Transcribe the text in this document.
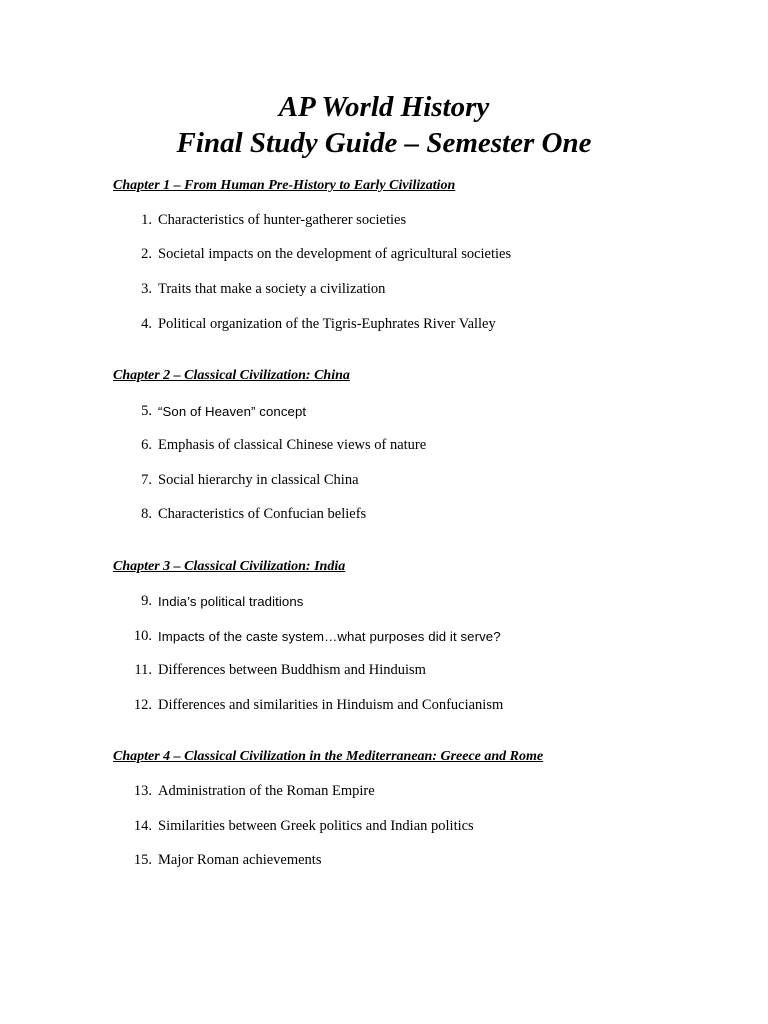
AP World History
Final Study Guide – Semester One
Chapter 1 – From Human Pre-History to Early Civilization
1. Characteristics of hunter-gatherer societies
2. Societal impacts on the development of agricultural societies
3. Traits that make a society a civilization
4. Political organization of the Tigris-Euphrates River Valley
Chapter 2 – Classical Civilization: China
5. “Son of Heaven” concept
6. Emphasis of classical Chinese views of nature
7. Social hierarchy in classical China
8. Characteristics of Confucian beliefs
Chapter 3 – Classical Civilization: India
9. India’s political traditions
10. Impacts of the caste system…what purposes did it serve?
11. Differences between Buddhism and Hinduism
12. Differences and similarities in Hinduism and Confucianism
Chapter 4 – Classical Civilization in the Mediterranean: Greece and Rome
13. Administration of the Roman Empire
14. Similarities between Greek politics and Indian politics
15. Major Roman achievements
